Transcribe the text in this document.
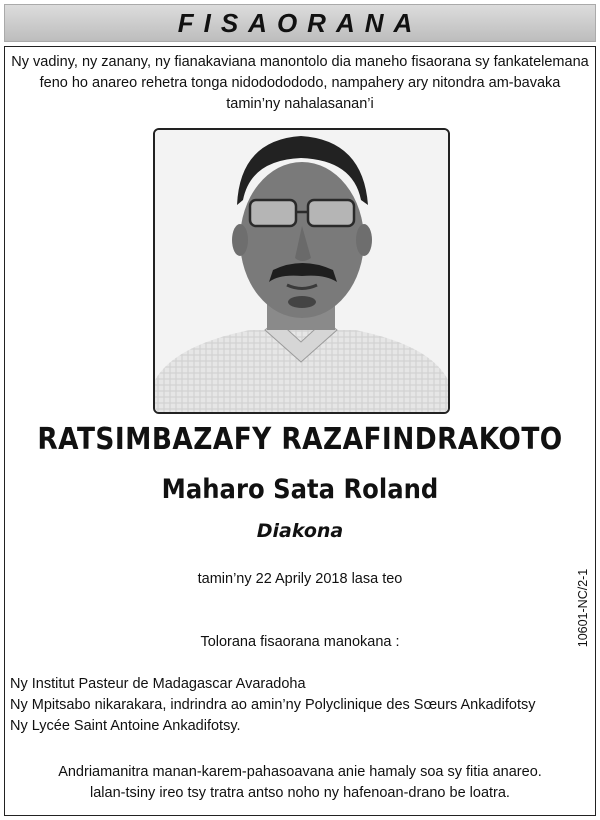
FISAORANA
Ny vadiny, ny zanany, ny fianakaviana manontolo dia maneho fisaorana sy fankatelemana
feno ho anareo rehetra tonga nidododododo, nampahery ary nitondra am-bavaka
tamin’ny nahalasanan’i
RATSIMBAZAFY RAZAFINDRAKOTO
Maharo Sata Roland
Diakona
tamin’ny 22 Aprily 2018 lasa teo	10601-NC/2-1
Tolorana fisaorana manokana :
Ny Institut Pasteur de Madagascar Avaradoha
Ny Mpitsabo nikarakara, indrindra ao amin’ny Polyclinique des Sœurs Ankadifotsy
Ny Lycée Saint Antoine Ankadifotsy.
Andriamanitra manan-karem-pahasoavana anie hamaly soa sy fitia anareo.
lalan-tsiny ireo tsy tratra antso noho ny hafenoan-drano be loatra.
